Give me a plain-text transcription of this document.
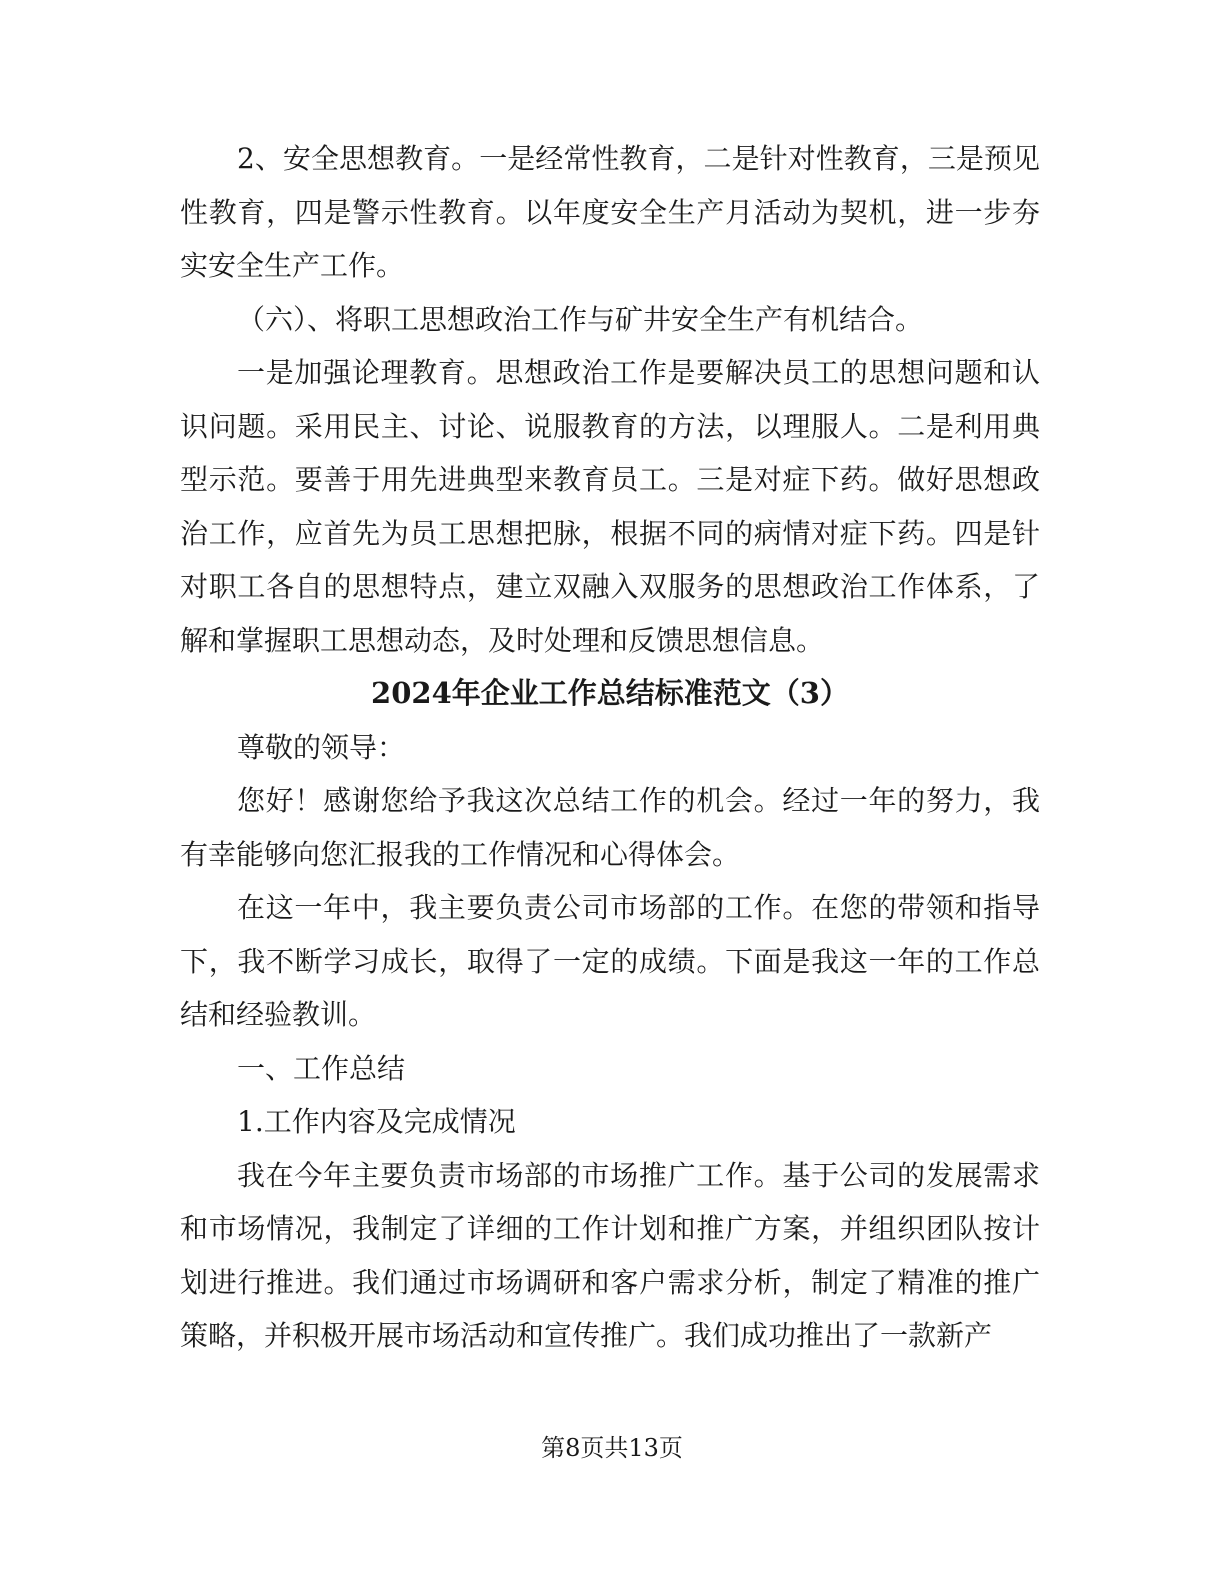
2、安全思想教育。一是经常性教育，二是针对性教育，三是预见性教育，四是警示性教育。以年度安全生产月活动为契机，进一步夯实安全生产工作。

（六）、将职工思想政治工作与矿井安全生产有机结合。

一是加强论理教育。思想政治工作是要解决员工的思想问题和认识问题。采用民主、讨论、说服教育的方法，以理服人。二是利用典型示范。要善于用先进典型来教育员工。三是对症下药。做好思想政治工作，应首先为员工思想把脉，根据不同的病情对症下药。四是针对职工各自的思想特点，建立双融入双服务的思想政治工作体系，了解和掌握职工思想动态，及时处理和反馈思想信息。

2024年企业工作总结标准范文（3）

尊敬的领导：

您好！感谢您给予我这次总结工作的机会。经过一年的努力，我有幸能够向您汇报我的工作情况和心得体会。

在这一年中，我主要负责公司市场部的工作。在您的带领和指导下，我不断学习成长，取得了一定的成绩。下面是我这一年的工作总结和经验教训。

一、工作总结

1.工作内容及完成情况

我在今年主要负责市场部的市场推广工作。基于公司的发展需求和市场情况，我制定了详细的工作计划和推广方案，并组织团队按计划进行推进。我们通过市场调研和客户需求分析，制定了精准的推广策略，并积极开展市场活动和宣传推广。我们成功推出了一款新产

第8页共13页
